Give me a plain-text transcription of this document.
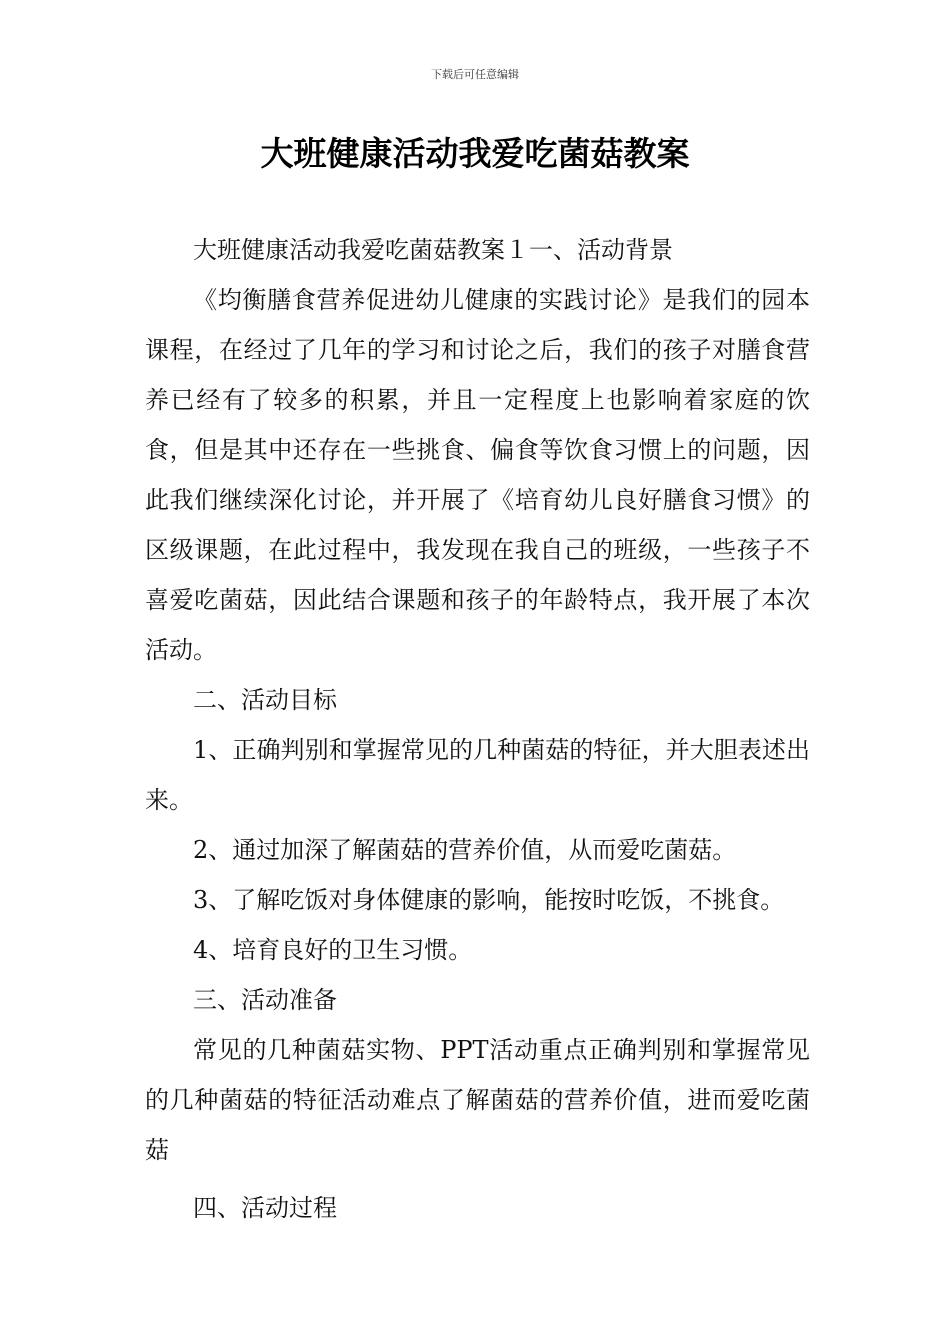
下载后可任意编辑
大班健康活动我爱吃菌菇教案

大班健康活动我爱吃菌菇教案１一、活动背景

《均衡膳食营养促进幼儿健康的实践讨论》是我们的园本课程，在经过了几年的学习和讨论之后，我们的孩子对膳食营养已经有了较多的积累，并且一定程度上也影响着家庭的饮食，但是其中还存在一些挑食、偏食等饮食习惯上的问题，因此我们继续深化讨论，并开展了《培育幼儿良好膳食习惯》的区级课题，在此过程中，我发现在我自己的班级，一些孩子不喜爱吃菌菇，因此结合课题和孩子的年龄特点，我开展了本次活动。

二、活动目标

1、正确判别和掌握常见的几种菌菇的特征，并大胆表述出来。

2、通过加深了解菌菇的营养价值，从而爱吃菌菇。

3、了解吃饭对身体健康的影响，能按时吃饭，不挑食。

4、培育良好的卫生习惯。

三、活动准备

常见的几种菌菇实物、PPT活动重点正确判别和掌握常见的几种菌菇的特征活动难点了解菌菇的营养价值，进而爱吃菌菇

四、活动过程
